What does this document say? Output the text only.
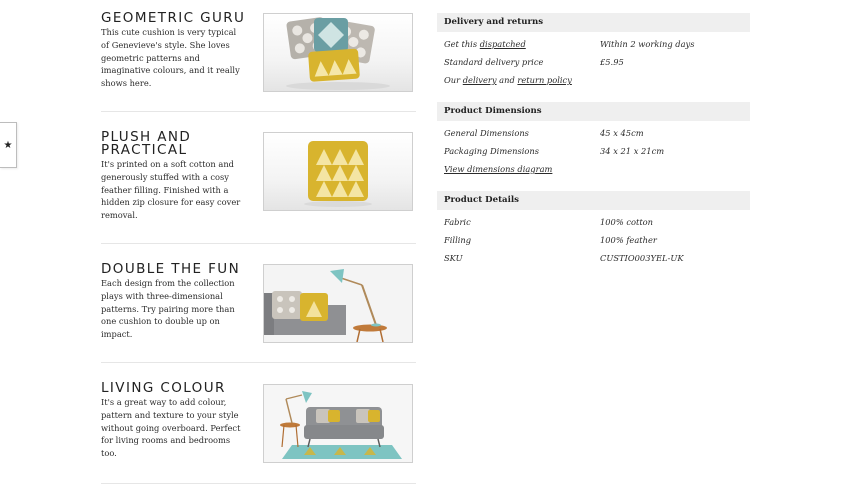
★
GEOMETRIC GURU

This cute cushion is very typical of Genevieve's style. She loves geometric patterns and imaginative colours, and it really shows here.

PLUSH AND PRACTICAL

It's printed on a soft cotton and generously stuffed with a cosy feather filling. Finished with a hidden zip closure for easy cover removal.

DOUBLE THE FUN

Each design from the collection plays with three-dimensional patterns. Try pairing more than one cushion to double up on impact.

LIVING COLOUR

It's a great way to add colour, pattern and texture to your style without going overboard. Perfect for living rooms and bedrooms too.

Delivery and returns
Get this dispatched	Within 2 working days
Standard delivery price	£5.95
Our delivery and return policy
Product Dimensions
General Dimensions	45 x 45cm
Packaging Dimensions	34 x 21 x 21cm
View dimensions diagram
Product Details
Fabric	100% cotton
Filling	100% feather
SKU	CUSTIO003YEL-UK
